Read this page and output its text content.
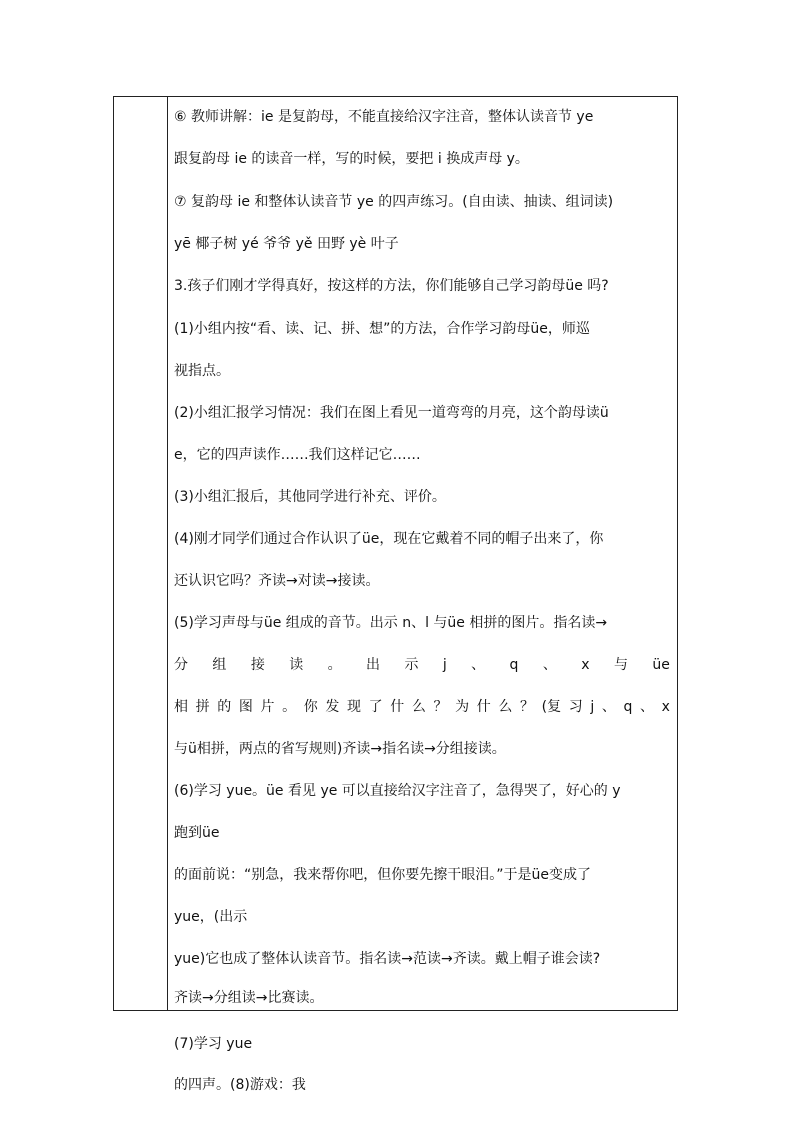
⑥ 教师讲解：ie 是复韵母，不能直接给汉字注音，整体认读音节 ye
跟复韵母 ie 的读音一样，写的时候，要把 i 换成声母 y。
⑦ 复韵母 ie 和整体认读音节 ye 的四声练习。(自由读、抽读、组词读)
yē 椰子树 yé 爷爷 yě 田野 yè 叶子
3.孩子们刚才学得真好，按这样的方法，你们能够自己学习韵母üe 吗?
(1)小组内按“看、读、记、拼、想”的方法，合作学习韵母üe，师巡
视指点。
(2)小组汇报学习情况：我们在图上看见一道弯弯的月亮，这个韵母读ü
e，它的四声读作……我们这样记它……
(3)小组汇报后，其他同学进行补充、评价。
(4)刚才同学们通过合作认识了üe，现在它戴着不同的帽子出来了，你
还认识它吗？齐读→对读→接读。
(5)学习声母与üe 组成的音节。出示 n、l 与üe 相拼的图片。指名读→
分 组 接 读 。 出 示 j 、 q 、 x 与 üe
相 拼 的 图 片 。 你 发 现 了 什 么 ？ 为 什 么 ？ (复 习 j 、 q 、 x
与ü相拼，两点的省写规则)齐读→指名读→分组接读。
(6)学习 yue。üe 看见 ye 可以直接给汉字注音了，急得哭了，好心的 y
跑到üe
的面前说：“别急，我来帮你吧，但你要先擦干眼泪。”于是üe变成了
yue，(出示
yue)它也成了整体认读音节。指名读→范读→齐读。戴上帽子谁会读?
齐读→分组读→比赛读。
(7)学习 yue
的四声。(8)游戏：我
